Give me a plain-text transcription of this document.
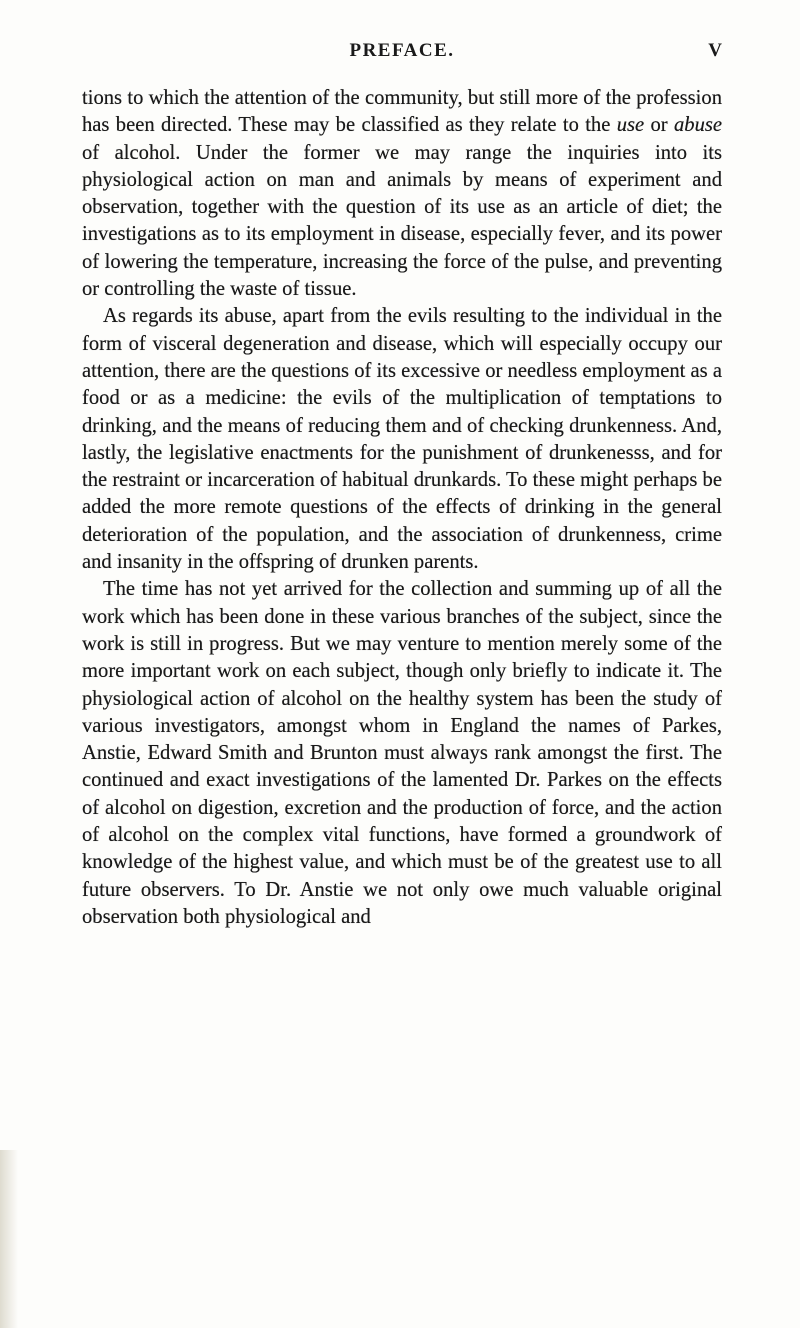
PREFACE.	V

tions to which the attention of the community, but still more of the profession has been directed. These may be classified as they relate to the use or abuse of alcohol. Under the former we may range the inquiries into its physiological action on man and animals by means of experiment and observation, together with the question of its use as an article of diet; the investigations as to its employment in disease, especially fever, and its power of lowering the temperature, increasing the force of the pulse, and preventing or controlling the waste of tissue.

As regards its abuse, apart from the evils resulting to the individual in the form of visceral degeneration and disease, which will especially occupy our attention, there are the questions of its excessive or needless employment as a food or as a medicine: the evils of the multiplication of temptations to drinking, and the means of reducing them and of checking drunkenness. And, lastly, the legislative enactments for the punishment of drunkenesss, and for the restraint or incarceration of habitual drunkards. To these might perhaps be added the more remote questions of the effects of drinking in the general deterioration of the population, and the association of drunkenness, crime and insanity in the offspring of drunken parents.

The time has not yet arrived for the collection and summing up of all the work which has been done in these various branches of the subject, since the work is still in progress. But we may venture to mention merely some of the more important work on each subject, though only briefly to indicate it. The physiological action of alcohol on the healthy system has been the study of various investigators, amongst whom in England the names of Parkes, Anstie, Edward Smith and Brunton must always rank amongst the first. The continued and exact investigations of the lamented Dr. Parkes on the effects of alcohol on digestion, excretion and the production of force, and the action of alcohol on the complex vital functions, have formed a groundwork of knowledge of the highest value, and which must be of the greatest use to all future observers. To Dr. Anstie we not only owe much valuable original observation both physiological and
